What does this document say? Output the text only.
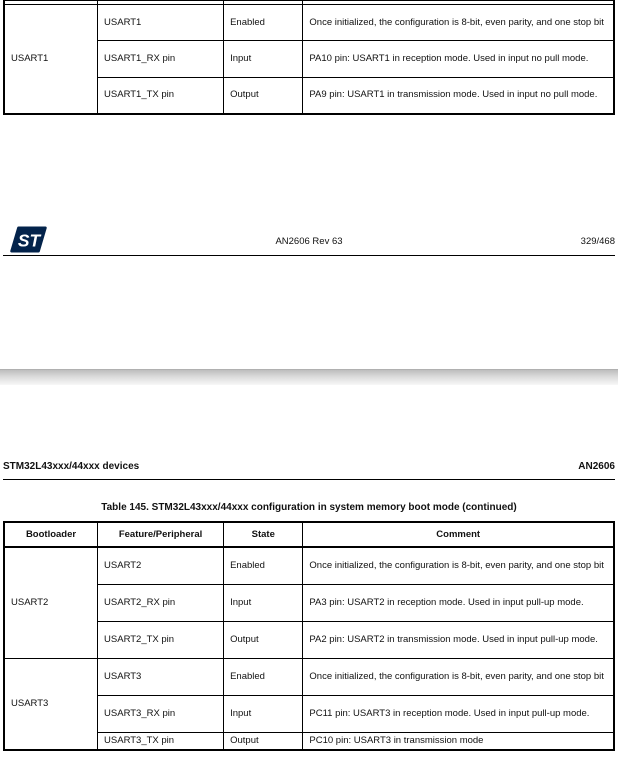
USART1	USART1	Enabled	Once initialized, the configuration is 8-bit, even parity, and one stop bit
	USART1_RX pin	Input	PA10 pin: USART1 in reception mode. Used in input no pull mode.
	USART1_TX pin	Output	PA9 pin: USART1 in transmission mode. Used in input no pull mode.
ST	AN2606 Rev 63	329/468
STM32L43xxx/44xxx devices	AN2606
Table 145. STM32L43xxx/44xxx configuration in system memory boot mode (continued)
Bootloader	Feature/Peripheral	State	Comment
USART2	USART2	Enabled	Once initialized, the configuration is 8-bit, even parity, and one stop bit
	USART2_RX pin	Input	PA3 pin: USART2 in reception mode. Used in input pull-up mode.
	USART2_TX pin	Output	PA2 pin: USART2 in transmission mode. Used in input pull-up mode.
USART3	USART3	Enabled	Once initialized, the configuration is 8-bit, even parity, and one stop bit
	USART3_RX pin	Input	PC11 pin: USART3 in reception mode. Used in input pull-up mode.
	USART3_TX pin	Output	PC10 pin: USART3 in transmission mode
